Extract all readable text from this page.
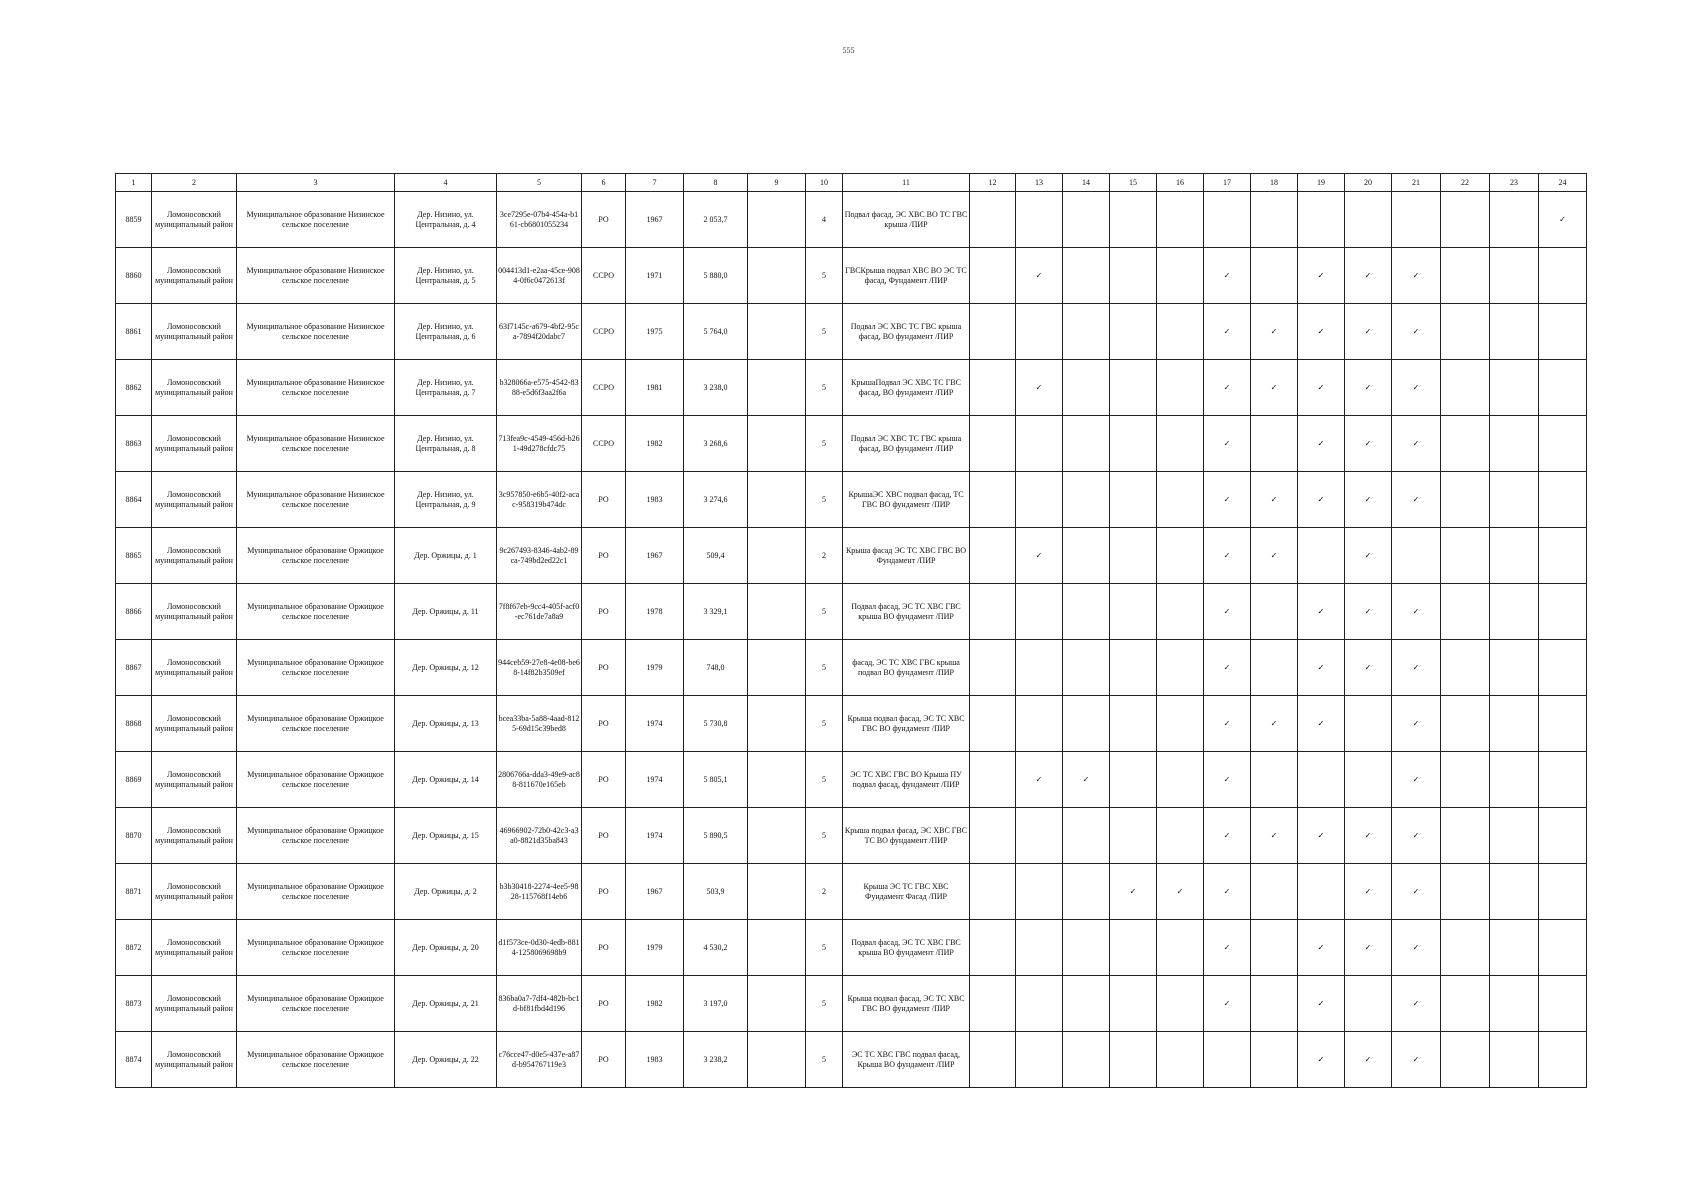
555
1	2	3	4	5	6	7	8	9	10	11	12	13	14	15	16	17	18	19	20	21	22	23	24
8859	Ломоносовский муниципальный район	Муниципальное образование Низинское сельское поселение	Дер. Низино, ул. Центральная, д. 4	3ce7295e-07b4-454a-b161-cb6801055234	РО	1967	2 053,7		4	Подвал фасад, ЭС ХВС ВО ТС ГВС крыша /ПИР													✓
8860	Ломоносовский муниципальный район	Муниципальное образование Низинское сельское поселение	Дер. Низино, ул. Центральная, д. 5	004413d1-e2aa-45ce-9084-0f6c0472613f	ССРО	1971	5 880,0		5	ГВСКрыша подвал ХВС ВО ЭС ТС фасад, Фундамент /ПИР		✓				✓		✓	✓	✓			
8861	Ломоносовский муниципальный район	Муниципальное образование Низинское сельское поселение	Дер. Низино, ул. Центральная, д. 6	63f7145c-a679-4bf2-95ca-7894f20dabc7	ССРО	1975	5 764,0		5	Подвал ЭС ХВС ТС ГВС крыша фасад, ВО фундамент /ПИР						✓	✓	✓	✓	✓			
8862	Ломоносовский муниципальный район	Муниципальное образование Низинское сельское поселение	Дер. Низино, ул. Центральная, д. 7	b328066a-e575-4542-8388-e5d6f3aa2f6a	ССРО	1981	3 238,0		5	КрышаПодвал ЭС ХВС ТС ГВС фасад, ВО фундамент /ПИР		✓				✓	✓	✓	✓	✓			
8863	Ломоносовский муниципальный район	Муниципальное образование Низинское сельское поселение	Дер. Низино, ул. Центральная, д. 8	713fea9c-4549-456d-b261-49d278cfdc75	ССРО	1982	3 268,6		5	Подвал ЭС ХВС ТС ГВС крыша фасад, ВО фундамент /ПИР						✓		✓	✓	✓			
8864	Ломоносовский муниципальный район	Муниципальное образование Низинское сельское поселение	Дер. Низино, ул. Центральная, д. 9	3c957850-e6b5-40f2-acac-958319b474dc	РО	1983	3 274,6		5	КрышаЭС ХВС подвал фасад, ТС ГВС ВО фундамент /ПИР						✓	✓	✓	✓	✓			
8865	Ломоносовский муниципальный район	Муниципальное образование Оржицкое сельское поселение	Дер. Оржицы, д. 1	9c267493-8346-4ab2-89ca-749bd2ed22c1	РО	1967	509,4		2	Крыша фасад ЭС ТС ХВС ГВС ВО Фундамент /ПИР		✓				✓	✓		✓				
8866	Ломоносовский муниципальный район	Муниципальное образование Оржицкое сельское поселение	Дер. Оржицы, д. 11	7f8f67eb-9cc4-405f-acf0-ec761de7a8a9	РО	1978	3 329,1		5	Подвал фасад, ЭС ТС ХВС ГВС крыша ВО фундамент /ПИР						✓		✓	✓	✓			
8867	Ломоносовский муниципальный район	Муниципальное образование Оржицкое сельское поселение	Дер. Оржицы, д. 12	944ceb59-27e8-4e08-be68-14f82b3509ef	РО	1979	748,0		5	фасад, ЭС ТС ХВС ГВС крыша подвал ВО фундамент /ПИР						✓		✓	✓	✓			
8868	Ломоносовский муниципальный район	Муниципальное образование Оржицкое сельское поселение	Дер. Оржицы, д. 13	bcea33ba-5a88-4aad-8125-69d15c39bed8	РО	1974	5 730,8		5	Крыша подвал фасад, ЭС ТС ХВС ГВС ВО фундамент /ПИР						✓	✓	✓		✓			
8869	Ломоносовский муниципальный район	Муниципальное образование Оржицкое сельское поселение	Дер. Оржицы, д. 14	2806766a-dda3-49e9-ac88-811670e165eb	РО	1974	5 805,1		5	ЭС ТС ХВС ГВС ВО Крыша ПУ подвал фасад, фундамент /ПИР		✓	✓			✓				✓			
8870	Ломоносовский муниципальный район	Муниципальное образование Оржицкое сельское поселение	Дер. Оржицы, д. 15	46966902-72b0-42c3-a3a0-8821d35ba843	РО	1974	5 890,5		5	Крыша подвал фасад, ЭС ХВС ГВС ТС ВО фундамент /ПИР						✓	✓	✓	✓	✓			
8871	Ломоносовский муниципальный район	Муниципальное образование Оржицкое сельское поселение	Дер. Оржицы, д. 2	b3b30418-2274-4ee5-9828-115768f14eb6	РО	1967	503,9		2	Крыша ЭС ТС ГВС ХВС Фундамент Фасад /ПИР				✓	✓	✓			✓	✓			
8872	Ломоносовский муниципальный район	Муниципальное образование Оржицкое сельское поселение	Дер. Оржицы, д. 20	d1f573ce-0d30-4edb-8814-1258069698b9	РО	1979	4 530,2		5	Подвал фасад, ЭС ТС ХВС ГВС крыша ВО фундамент /ПИР						✓		✓	✓	✓			
8873	Ломоносовский муниципальный район	Муниципальное образование Оржицкое сельское поселение	Дер. Оржицы, д. 21	836ba0a7-7df4-482b-bc1d-bf81fbd4d196	РО	1982	3 197,0		5	Крыша подвал фасад, ЭС ТС ХВС ГВС ВО фундамент /ПИР						✓		✓		✓			
8874	Ломоносовский муниципальный район	Муниципальное образование Оржицкое сельское поселение	Дер. Оржицы, д. 22	c76cce47-d0e5-437e-a87d-b954767119e3	РО	1983	3 238,2		5	ЭС ТС ХВС ГВС подвал фасад, Крыша ВО фундамент /ПИР								✓	✓	✓			
